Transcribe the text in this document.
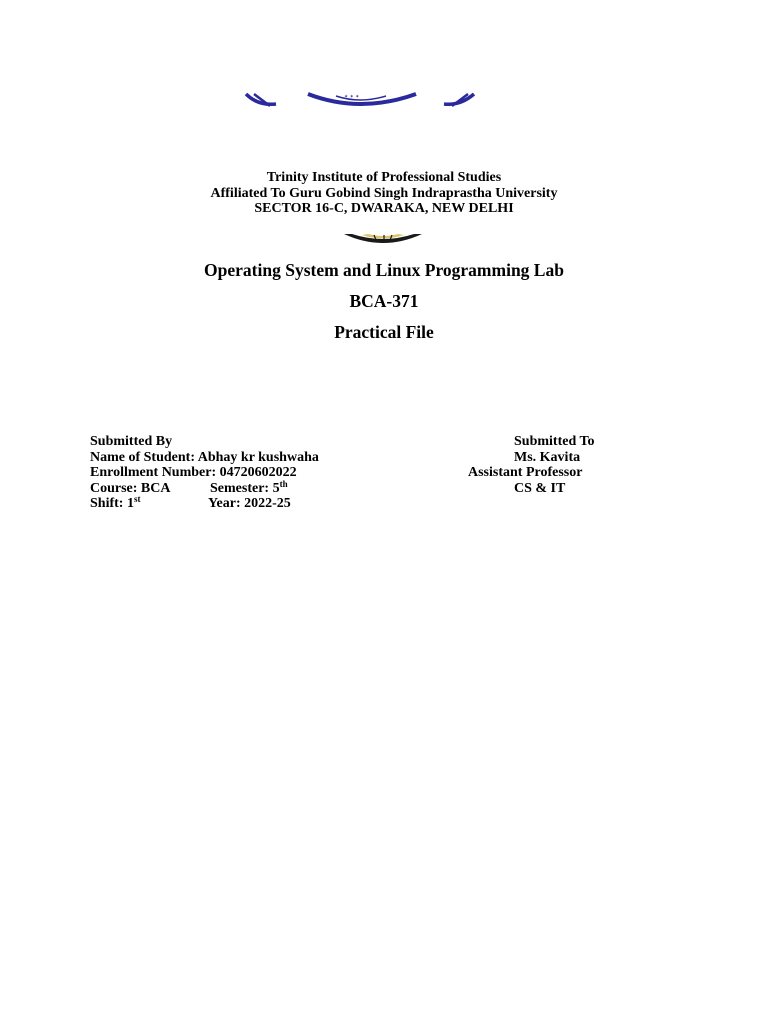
✶ ✶ ✶
Trinity Institute of Professional Studies
Affiliated To Guru Gobind Singh Indraprastha University
SECTOR 16-C, DWARAKA, NEW DELHI
Operating System and Linux Programming Lab
BCA-371
Practical File
Submitted By
Name of Student: Abhay kr kushwaha
Enrollment Number: 04720602022
Course: BCA	Semester: 5th
Shift: 1st	Year: 2022-25
Submitted To
Ms. Kavita
Assistant Professor
CS & IT
